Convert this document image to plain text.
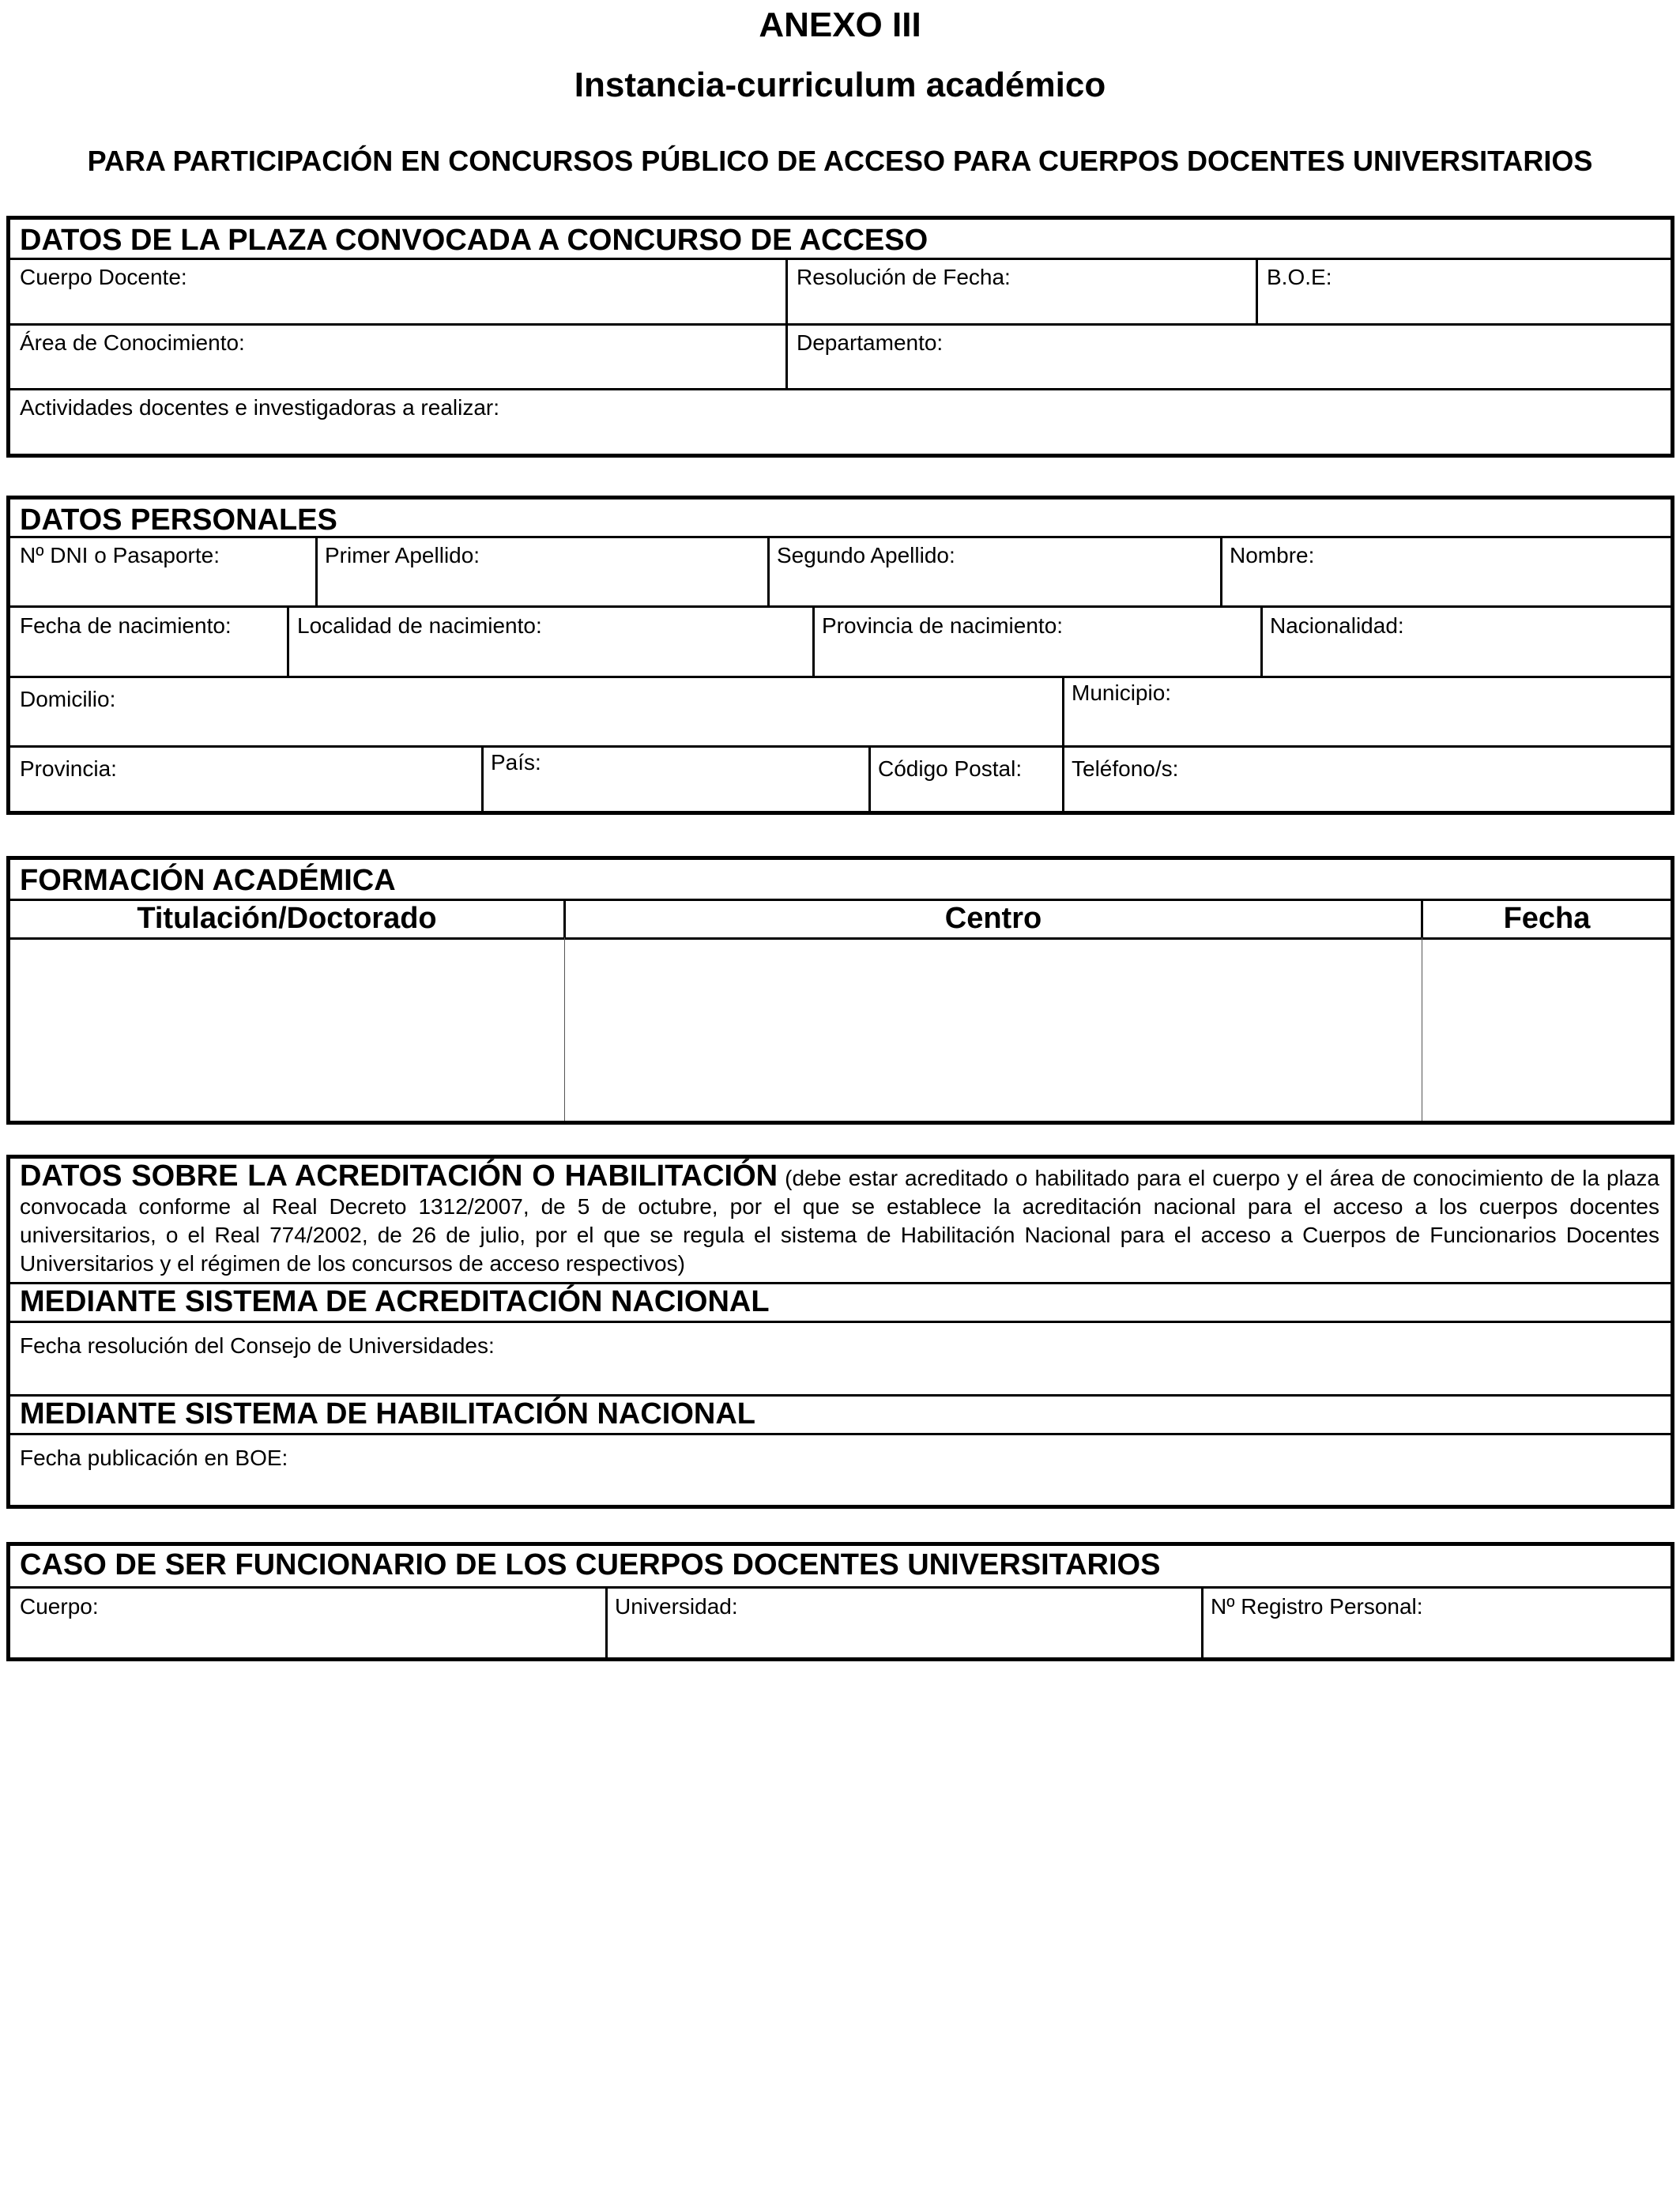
ANEXO III
Instancia-curriculum académico
PARA PARTICIPACIÓN EN CONCURSOS PÚBLICO DE ACCESO PARA CUERPOS DOCENTES UNIVERSITARIOS
DATOS DE LA PLAZA CONVOCADA A CONCURSO DE ACCESO
Cuerpo Docente:	Resolución de Fecha:	B.O.E:
Área de Conocimiento:	Departamento:
Actividades docentes e investigadoras a realizar:
DATOS PERSONALES
Nº DNI o Pasaporte:	Primer Apellido:	Segundo Apellido:	Nombre:
Fecha de nacimiento:	Localidad de nacimiento:	Provincia de nacimiento:	Nacionalidad:
Domicilio:	Municipio:
Provincia:	País:	Código Postal: Teléfono/s:
FORMACIÓN ACADÉMICA
Titulación/Doctorado	Centro	Fecha
DATOS SOBRE LA ACREDITACIÓN O HABILITACIÓN (debe estar acreditado o habilitado para el cuerpo y el área de conocimiento de la plaza convocada conforme al Real Decreto 1312/2007, de 5 de octubre, por el que se establece la acreditación nacional para el acceso a los cuerpos docentes universitarios, o el Real 774/2002, de 26 de julio, por el que se regula el sistema de Habilitación Nacional para el acceso a Cuerpos de Funcionarios Docentes Universitarios y el régimen de los concursos de acceso respectivos)
MEDIANTE SISTEMA DE ACREDITACIÓN NACIONAL
Fecha resolución del Consejo de Universidades:
MEDIANTE SISTEMA DE HABILITACIÓN NACIONAL
Fecha publicación en BOE:
CASO DE SER FUNCIONARIO DE LOS CUERPOS DOCENTES UNIVERSITARIOS
Cuerpo:	Universidad:	Nº Registro Personal:
